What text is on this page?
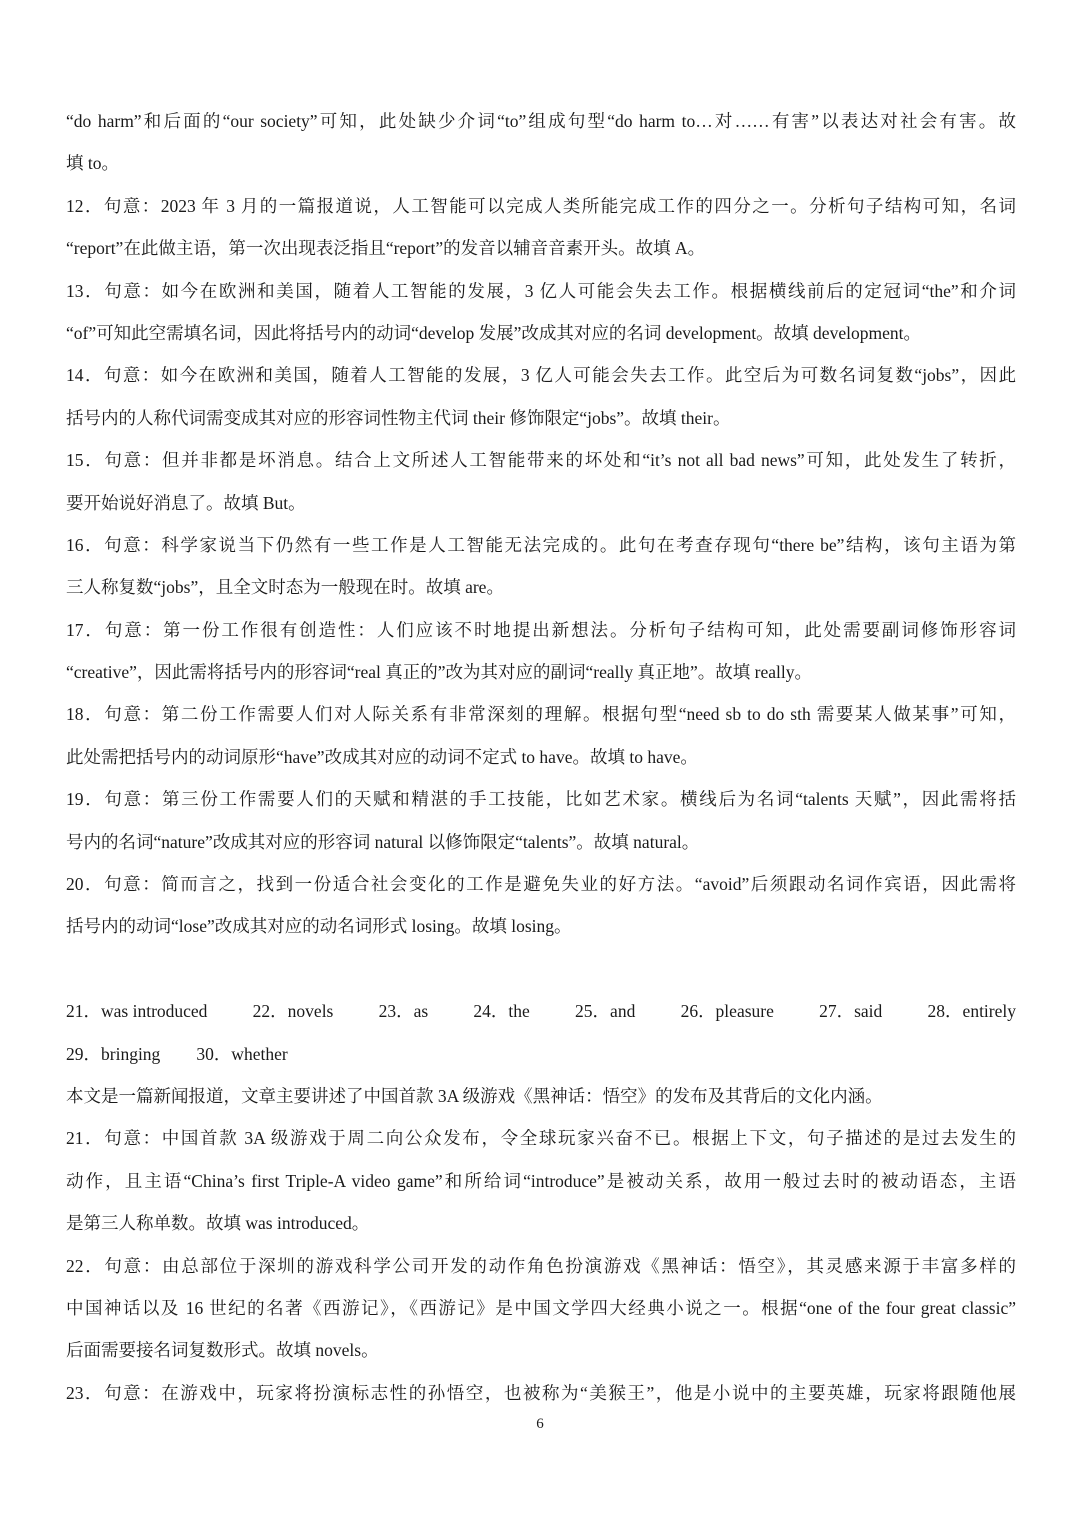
“do harm”和后面的“our society”可知，此处缺少介词“to”组成句型“do harm to…对……有害”以表达对社会有害。故
填 to。
12．句意：2023 年 3 月的一篇报道说，人工智能可以完成人类所能完成工作的四分之一。分析句子结构可知，名词
“report”在此做主语，第一次出现表泛指且“report”的发音以辅音音素开头。故填 A。
13．句意：如今在欧洲和美国，随着人工智能的发展，3 亿人可能会失去工作。根据横线前后的定冠词“the”和介词
“of”可知此空需填名词，因此将括号内的动词“develop 发展”改成其对应的名词 development。故填 development。
14．句意：如今在欧洲和美国，随着人工智能的发展，3 亿人可能会失去工作。此空后为可数名词复数“jobs”，因此
括号内的人称代词需变成其对应的形容词性物主代词 their 修饰限定“jobs”。故填 their。
15．句意：但并非都是坏消息。结合上文所述人工智能带来的坏处和“it’s not all bad news”可知，此处发生了转折，
要开始说好消息了。故填 But。
16．句意：科学家说当下仍然有一些工作是人工智能无法完成的。此句在考查存现句“there be”结构，该句主语为第
三人称复数“jobs”，且全文时态为一般现在时。故填 are。
17．句意：第一份工作很有创造性：人们应该不时地提出新想法。分析句子结构可知，此处需要副词修饰形容词
“creative”，因此需将括号内的形容词“real 真正的”改为其对应的副词“really 真正地”。故填 really。
18．句意：第二份工作需要人们对人际关系有非常深刻的理解。根据句型“need sb to do sth 需要某人做某事”可知，
此处需把括号内的动词原形“have”改成其对应的动词不定式 to have。故填 to have。
19．句意：第三份工作需要人们的天赋和精湛的手工技能，比如艺术家。横线后为名词“talents 天赋”，因此需将括
号内的名词“nature”改成其对应的形容词 natural 以修饰限定“talents”。故填 natural。
20．句意：简而言之，找到一份适合社会变化的工作是避免失业的好方法。“avoid”后须跟动名词作宾语，因此需将
括号内的动词“lose”改成其对应的动名词形式 losing。故填 losing。
21．was introduced	22．novels	23．as	24．the	25．and	26．pleasure	27．said	28．entirely
29．bringing 30．whether
本文是一篇新闻报道，文章主要讲述了中国首款 3A 级游戏《黑神话：悟空》的发布及其背后的文化内涵。
21．句意：中国首款 3A 级游戏于周二向公众发布，令全球玩家兴奋不已。根据上下文，句子描述的是过去发生的
动作，且主语“China’s first Triple-A video game”和所给词“introduce”是被动关系，故用一般过去时的被动语态，主语
是第三人称单数。故填 was introduced。
22．句意：由总部位于深圳的游戏科学公司开发的动作角色扮演游戏《黑神话：悟空》，其灵感来源于丰富多样的
中国神话以及 16 世纪的名著《西游记》，《西游记》是中国文学四大经典小说之一。根据“one of the four great classic”
后面需要接名词复数形式。故填 novels。
23．句意：在游戏中，玩家将扮演标志性的孙悟空，也被称为“美猴王”，他是小说中的主要英雄，玩家将跟随他展
6
